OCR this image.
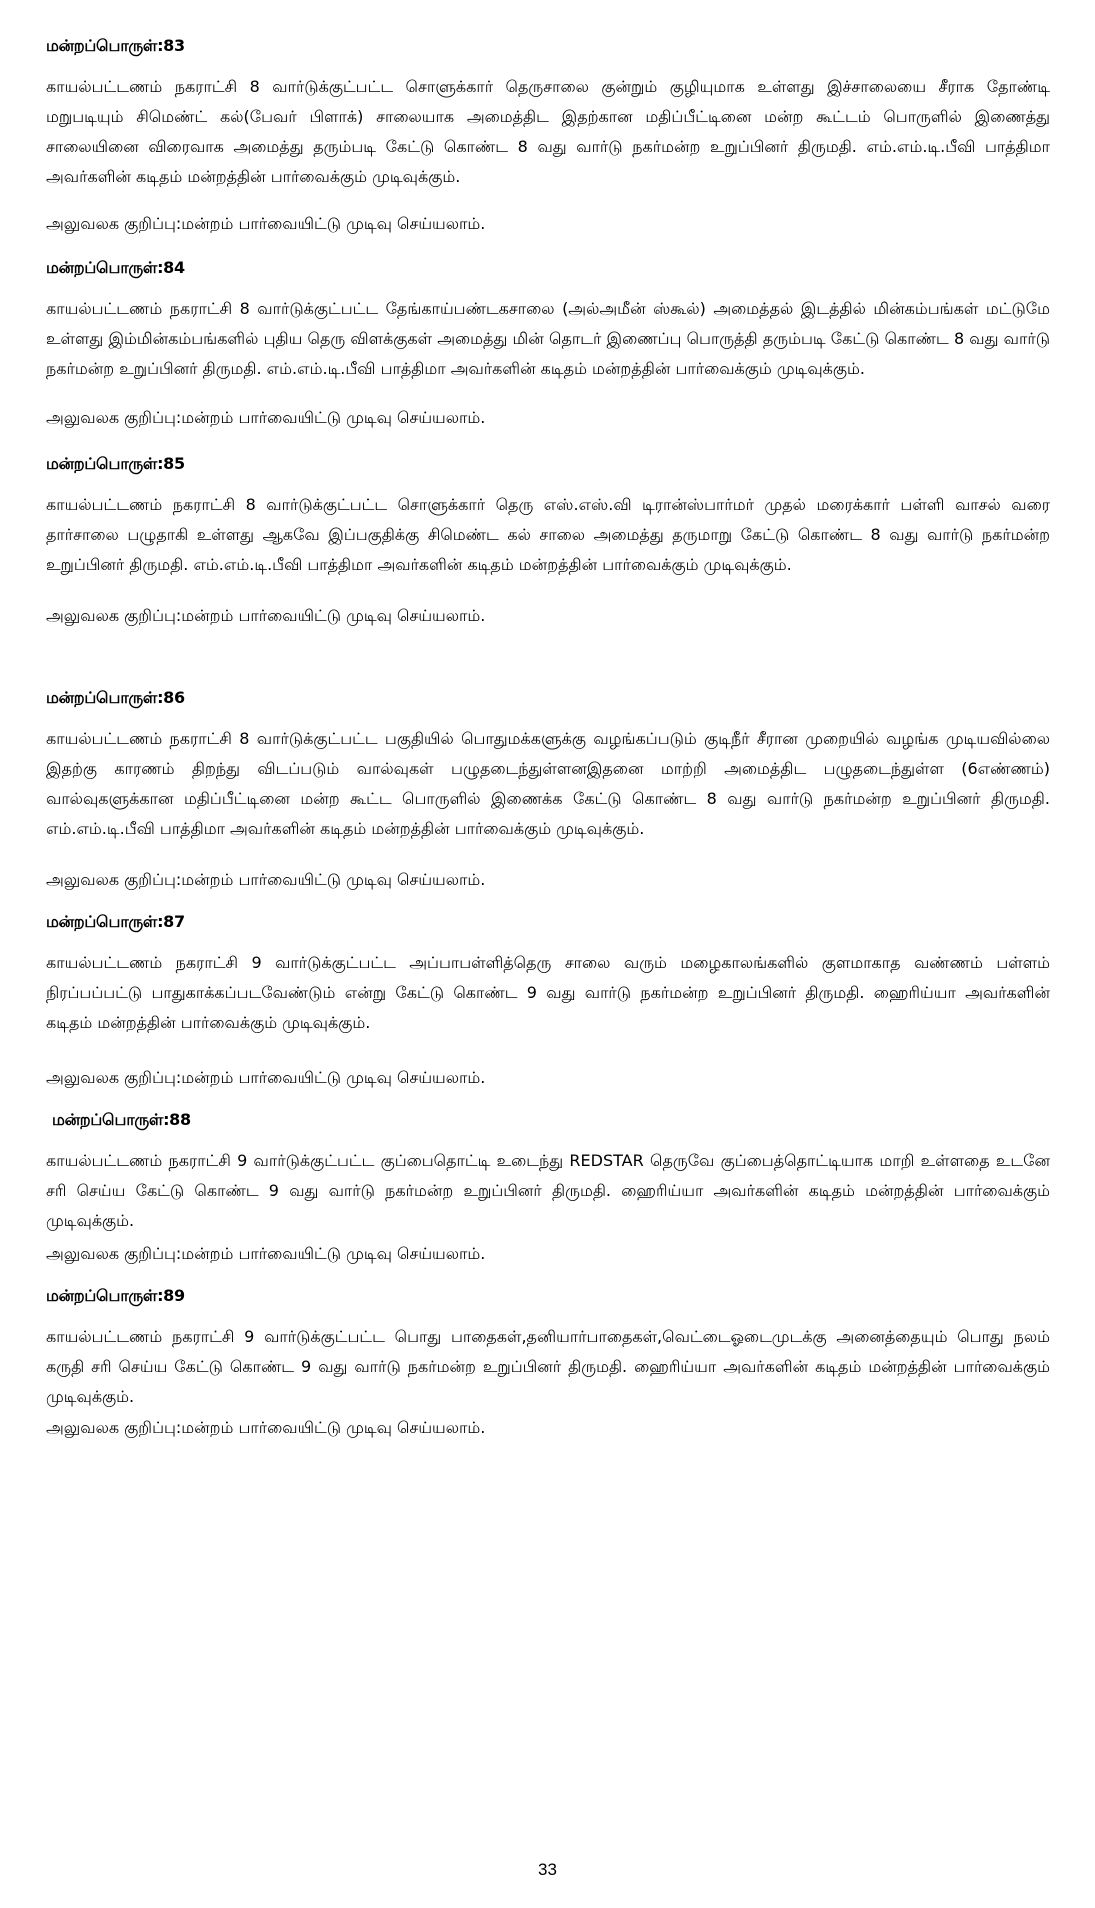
மன்றப்பொருள்:83
காயல்பட்டணம் நகராட்சி 8 வார்டுக்குட்பட்ட சொளுக்கார் தெருசாலை குன்றும் குழியுமாக உள்ளது இச்சாலையை சீராக தோண்டி மறுபடியும் சிமெண்ட் கல்(பேவர் பிளாக்) சாலையாக அமைத்திட இதற்கான மதிப்பீட்டினை மன்ற கூட்டம் பொருளில் இணைத்து சாலையினை விரைவாக அமைத்து தரும்படி கேட்டு கொண்ட 8 வது வார்டு நகர்மன்ற உறுப்பினர் திருமதி. எம்.எம்.டி.பீவி பாத்திமா அவர்களின் கடிதம் மன்றத்தின் பார்வைக்கும் முடிவுக்கும்.
அலுவலக குறிப்பு:மன்றம் பார்வையிட்டு முடிவு செய்யலாம்.
மன்றப்பொருள்:84
காயல்பட்டணம் நகராட்சி 8 வார்டுக்குட்பட்ட தேங்காய்பண்டகசாலை (அல்அமீன் ஸ்கூல்) அமைத்தல் இடத்தில் மின்கம்பங்கள் மட்டுமே உள்ளது இம்மின்கம்பங்களில் புதிய தெரு விளக்குகள் அமைத்து மின் தொடர் இணைப்பு பொருத்தி தரும்படி கேட்டு கொண்ட 8 வது வார்டு நகர்மன்ற உறுப்பினர் திருமதி. எம்.எம்.டி.பீவி பாத்திமா அவர்களின் கடிதம் மன்றத்தின் பார்வைக்கும் முடிவுக்கும்.
அலுவலக குறிப்பு:மன்றம் பார்வையிட்டு முடிவு செய்யலாம்.
மன்றப்பொருள்:85
காயல்பட்டணம் நகராட்சி 8 வார்டுக்குட்பட்ட சொளுக்கார் தெரு எஸ்.எஸ்.வி டிரான்ஸ்பார்மர் முதல் மரைக்கார் பள்ளி வாசல் வரை தார்சாலை பழுதாகி உள்ளது ஆகவே இப்பகுதிக்கு சிமெண்ட கல் சாலை அமைத்து தருமாறு கேட்டு கொண்ட 8 வது வார்டு நகர்மன்ற உறுப்பினர் திருமதி. எம்.எம்.டி.பீவி பாத்திமா அவர்களின் கடிதம் மன்றத்தின் பார்வைக்கும் முடிவுக்கும்.
அலுவலக குறிப்பு:மன்றம் பார்வையிட்டு முடிவு செய்யலாம்.
மன்றப்பொருள்:86
காயல்பட்டணம் நகராட்சி 8 வார்டுக்குட்பட்ட பகுதியில் பொதுமக்களுக்கு வழங்கப்படும் குடிநீர் சீரான முறையில் வழங்க முடியவில்லை இதற்கு காரணம் திறந்து விடப்படும் வால்வுகள் பழுதடைந்துள்ளனஇதனை மாற்றி அமைத்திட பழுதடைந்துள்ள (6எண்ணம்) வால்வுகளுக்கான மதிப்பீட்டினை மன்ற கூட்ட பொருளில் இணைக்க கேட்டு கொண்ட 8 வது வார்டு நகர்மன்ற உறுப்பினர் திருமதி. எம்.எம்.டி.பீவி பாத்திமா அவர்களின் கடிதம் மன்றத்தின் பார்வைக்கும் முடிவுக்கும்.
அலுவலக குறிப்பு:மன்றம் பார்வையிட்டு முடிவு செய்யலாம்.
மன்றப்பொருள்:87
காயல்பட்டணம் நகராட்சி 9 வார்டுக்குட்பட்ட அப்பாபள்ளித்தெரு சாலை வரும் மழைகாலங்களில் குளமாகாத வண்ணம் பள்ளம் நிரப்பப்பட்டு பாதுகாக்கப்படவேண்டும் என்று கேட்டு கொண்ட 9 வது வார்டு நகர்மன்ற உறுப்பினர் திருமதி. ஹைரிய்யா அவர்களின் கடிதம் மன்றத்தின் பார்வைக்கும் முடிவுக்கும்.
அலுவலக குறிப்பு:மன்றம் பார்வையிட்டு முடிவு செய்யலாம்.
மன்றப்பொருள்:88
காயல்பட்டணம் நகராட்சி 9 வார்டுக்குட்பட்ட குப்பைதொட்டி உடைந்து REDSTAR தெருவே குப்பைத்தொட்டியாக மாறி உள்ளதை உடனே சரி செய்ய கேட்டு கொண்ட 9 வது வார்டு நகர்மன்ற உறுப்பினர் திருமதி. ஹைரிய்யா அவர்களின் கடிதம் மன்றத்தின் பார்வைக்கும் முடிவுக்கும்.
அலுவலக குறிப்பு:மன்றம் பார்வையிட்டு முடிவு செய்யலாம்.
மன்றப்பொருள்:89
காயல்பட்டணம் நகராட்சி 9 வார்டுக்குட்பட்ட பொது பாதைகள்,தனியார்பாதைகள்,வெட்டைஓடைமுடக்கு அனைத்தையும் பொது நலம் கருதி சரி செய்ய கேட்டு கொண்ட 9 வது வார்டு நகர்மன்ற உறுப்பினர் திருமதி. ஹைரிய்யா அவர்களின் கடிதம் மன்றத்தின் பார்வைக்கும் முடிவுக்கும்.
அலுவலக குறிப்பு:மன்றம் பார்வையிட்டு முடிவு செய்யலாம்.
33
